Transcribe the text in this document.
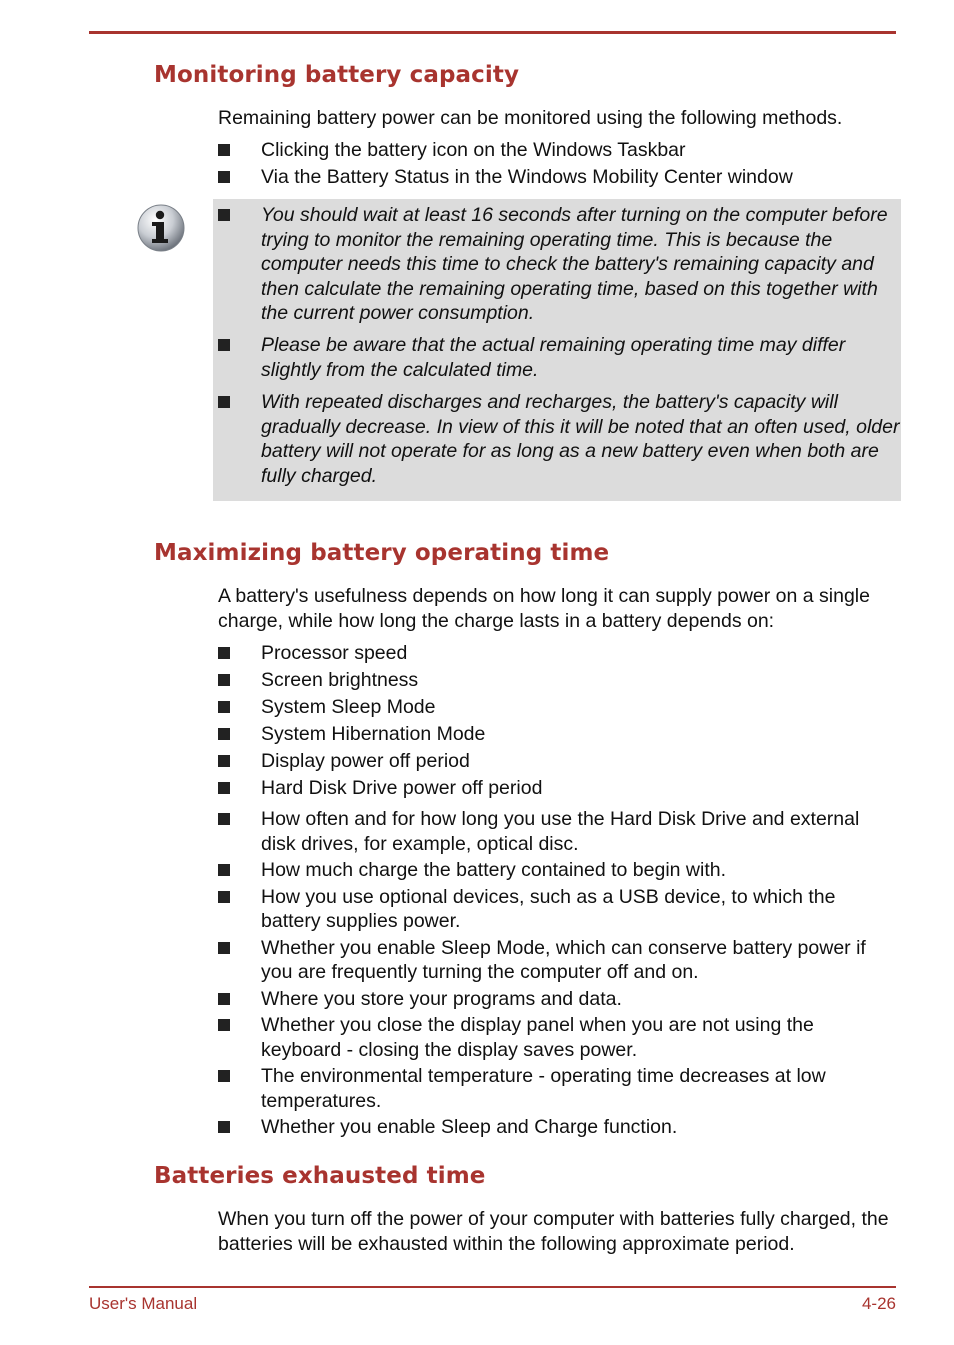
Monitoring battery capacity

Remaining battery power can be monitored using the following methods.

Clicking the battery icon on the Windows Taskbar
Via the Battery Status in the Windows Mobility Center window
You should wait at least 16 seconds after turning on the computer before trying to monitor the remaining operating time. This is because the computer needs this time to check the battery's remaining capacity and then calculate the remaining operating time, based on this together with the current power consumption.
Please be aware that the actual remaining operating time may differ slightly from the calculated time.
With repeated discharges and recharges, the battery's capacity will gradually decrease. In view of this it will be noted that an often used, older battery will not operate for as long as a new battery even when both are fully charged.
Maximizing battery operating time

A battery's usefulness depends on how long it can supply power on a single charge, while how long the charge lasts in a battery depends on:

Processor speed
Screen brightness
System Sleep Mode
System Hibernation Mode
Display power off period
Hard Disk Drive power off period
How often and for how long you use the Hard Disk Drive and external disk drives, for example, optical disc.
How much charge the battery contained to begin with.
How you use optional devices, such as a USB device, to which the battery supplies power.
Whether you enable Sleep Mode, which can conserve battery power if you are frequently turning the computer off and on.
Where you store your programs and data.
Whether you close the display panel when you are not using the keyboard - closing the display saves power.
The environmental temperature - operating time decreases at low temperatures.
Whether you enable Sleep and Charge function.
Batteries exhausted time

When you turn off the power of your computer with batteries fully charged, the batteries will be exhausted within the following approximate period.

User's Manual	4-26
